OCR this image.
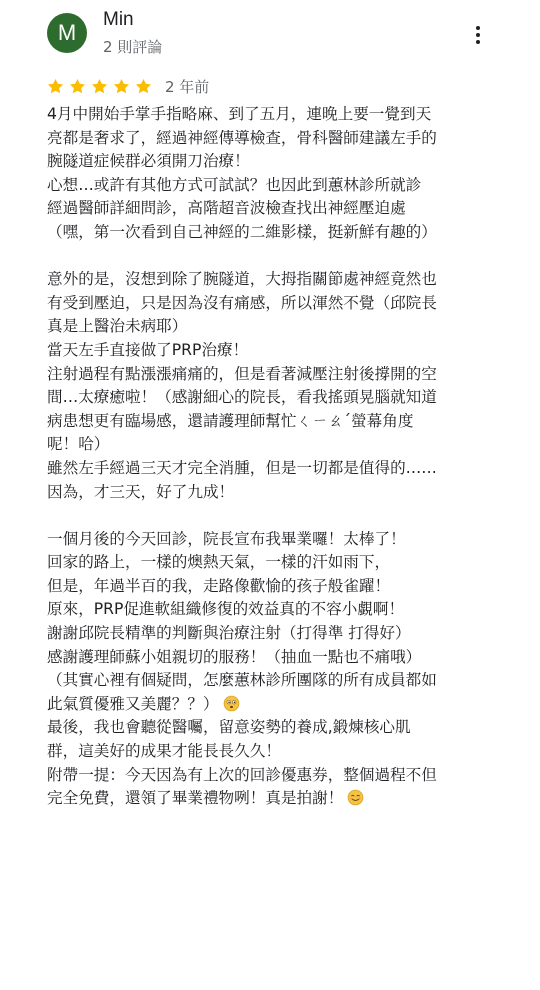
M
Min
2 則評論
2 年前
4月中開始手掌手指略麻、到了五月，連晚上要一覺到天
亮都是奢求了，經過神經傳導檢查，骨科醫師建議左手的
腕隧道症候群必須開刀治療！
心想…或許有其他方式可試試？也因此到蕙林診所就診
經過醫師詳細問診，高階超音波檢查找出神經壓迫處
（嘿，第一次看到自己神經的二維影樣，挺新鮮有趣的）
意外的是，沒想到除了腕隧道，大拇指關節處神經竟然也
有受到壓迫，只是因為沒有痛感，所以渾然不覺（邱院長
真是上醫治未病耶）
當天左手直接做了PRP治療！
注射過程有點漲漲痛痛的，但是看著減壓注射後撐開的空
間…太療癒啦！（感謝細心的院長，看我搖頭晃腦就知道
病患想更有臨場感，還請護理師幫忙ㄑㄧㄠˊ螢幕角度
呢！哈）
雖然左手經過三天才完全消腫，但是一切都是值得的……
因為，才三天，好了九成！
一個月後的今天回診，院長宣布我畢業囉！太棒了！
回家的路上，一樣的燠熱天氣，一樣的汗如雨下，
但是，年過半百的我，走路像歡愉的孩子般雀躍！
原來，PRP促進軟組織修復的效益真的不容小覷啊！
謝謝邱院長精準的判斷與治療注射（打得準 打得好）
感謝護理師蘇小姐親切的服務！（抽血一點也不痛哦）
（其實心裡有個疑問，怎麼蕙林診所團隊的所有成員都如
此氣質優雅又美麗？？）
最後，我也會聽從醫囑，留意姿勢的養成,鍛煉核心肌
群，這美好的成果才能長長久久！
附帶一提：今天因為有上次的回診優惠券，整個過程不但
完全免費，還領了畢業禮物咧！真是拍謝！
